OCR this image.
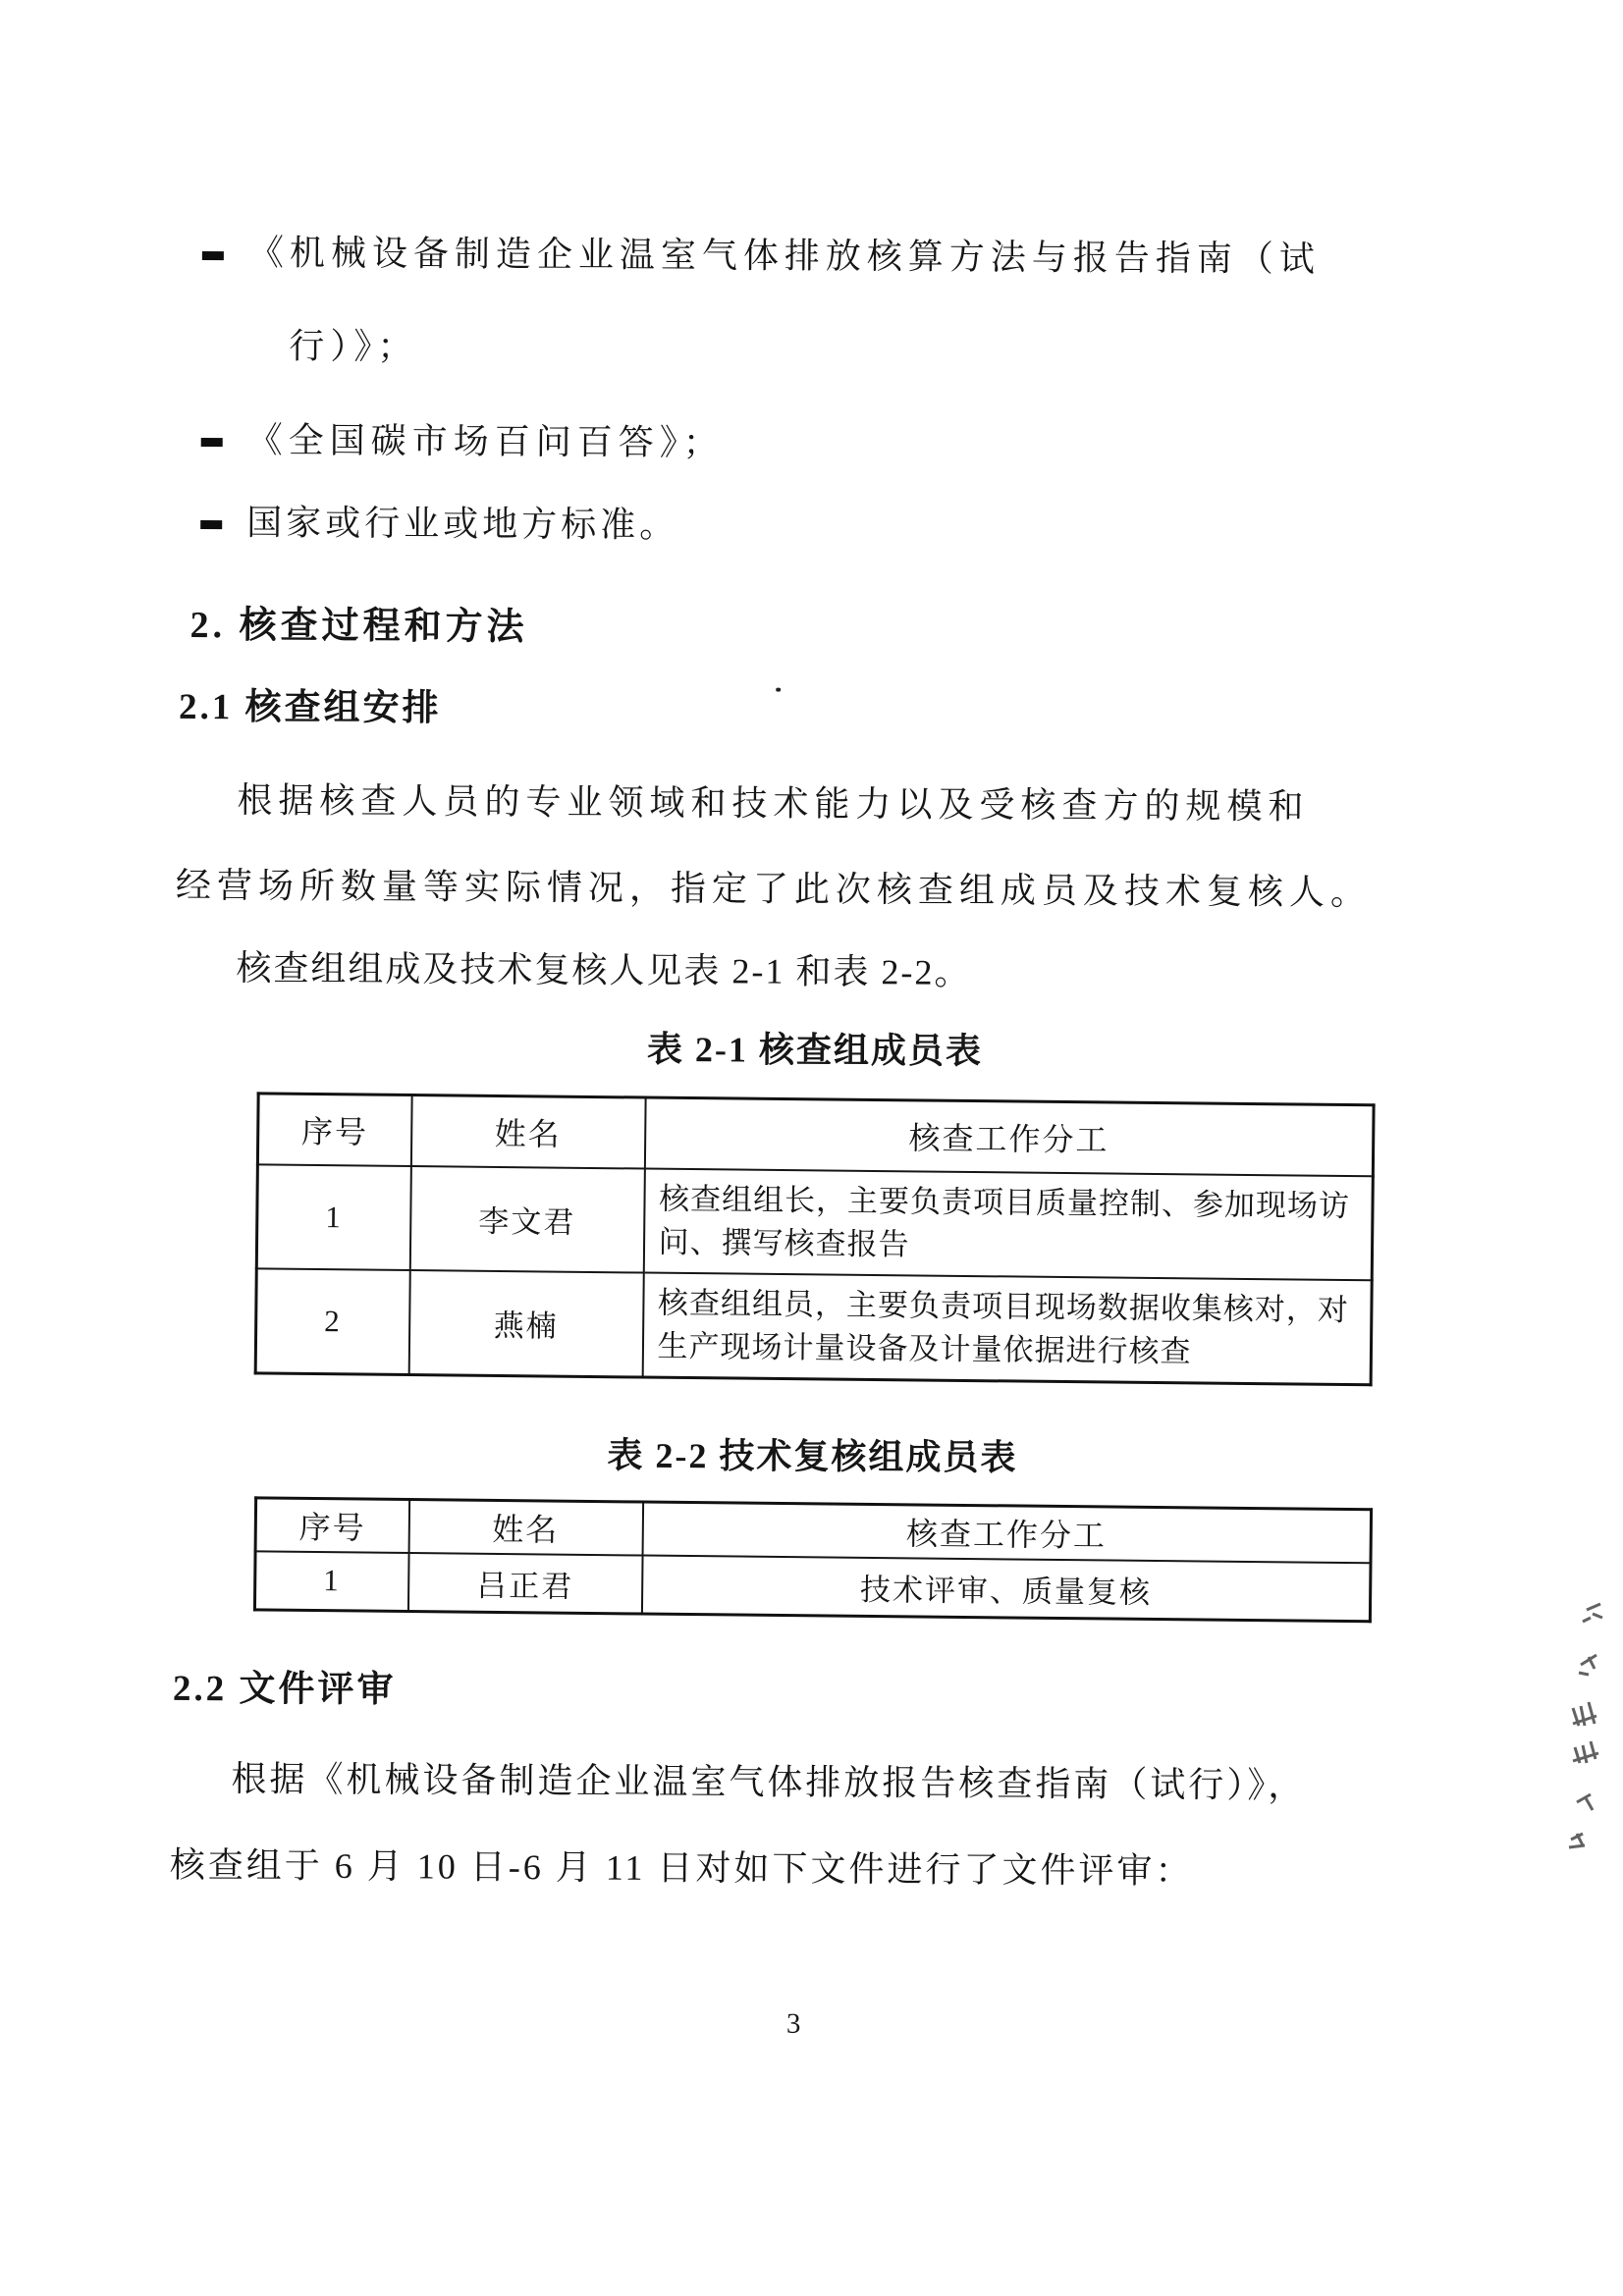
《机械设备制造企业温室气体排放核算方法与报告指南（试
行）》；
《全国碳市场百问百答》；
国家或行业或地方标准。
2. 核查过程和方法
2.1 核查组安排
根据核查人员的专业领域和技术能力以及受核查方的规模和
经营场所数量等实际情况，指定了此次核查组成员及技术复核人。
核查组组成及技术复核人见表 2-1 和表 2-2。
表 2-1 核查组成员表
序号	姓名	核查工作分工
1	李文君	核查组组长，主要负责项目质量控制、参加现场访问、撰写核查报告
2	燕楠	核查组组员，主要负责项目现场数据收集核对，对生产现场计量设备及计量依据进行核查
表 2-2 技术复核组成员表
序号	姓名	核查工作分工
1	吕正君	技术评审、质量复核
2.2 文件评审
根据《机械设备制造企业温室气体排放报告核查指南（试行）》，
核查组于 6 月 10 日-6 月 11 日对如下文件进行了文件评审：
3
